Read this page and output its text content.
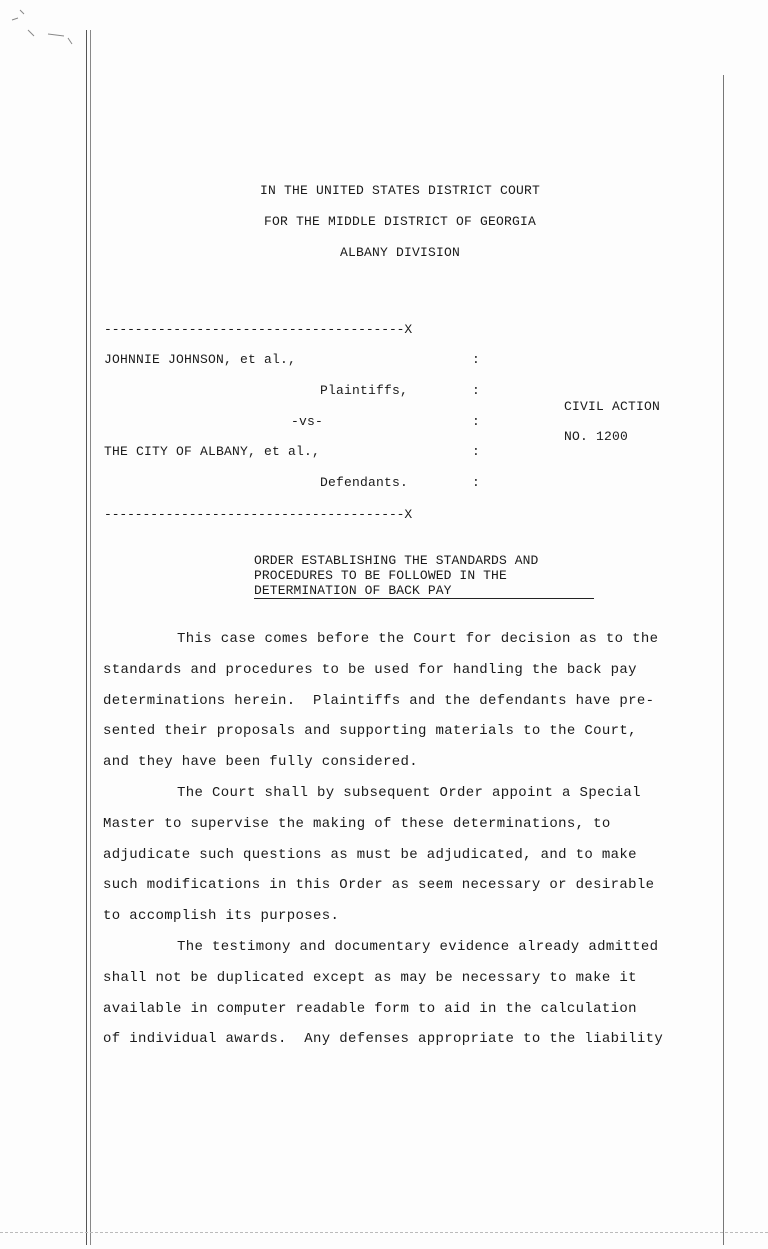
IN THE UNITED STATES DISTRICT COURT
FOR THE MIDDLE DISTRICT OF GEORGIA
ALBANY DIVISION
---------------------------------------X
JOHNNIE JOHNSON, et al.,	:
Plaintiffs,	:
CIVIL ACTION
-vs-	:
NO. 1200
THE CITY OF ALBANY, et al.,	:
Defendants.	:
---------------------------------------X
ORDER ESTABLISHING THE STANDARDS AND
PROCEDURES TO BE FOLLOWED IN THE
DETERMINATION OF BACK PAY

This case comes before the Court for decision as to the
standards and procedures to be used for handling the back pay
determinations herein.  Plaintiffs and the defendants have pre-
sented their proposals and supporting materials to the Court,
and they have been fully considered.

The Court shall by subsequent Order appoint a Special
Master to supervise the making of these determinations, to
adjudicate such questions as must be adjudicated, and to make
such modifications in this Order as seem necessary or desirable
to accomplish its purposes.

The testimony and documentary evidence already admitted
shall not be duplicated except as may be necessary to make it
available in computer readable form to aid in the calculation
of individual awards.  Any defenses appropriate to the liability
